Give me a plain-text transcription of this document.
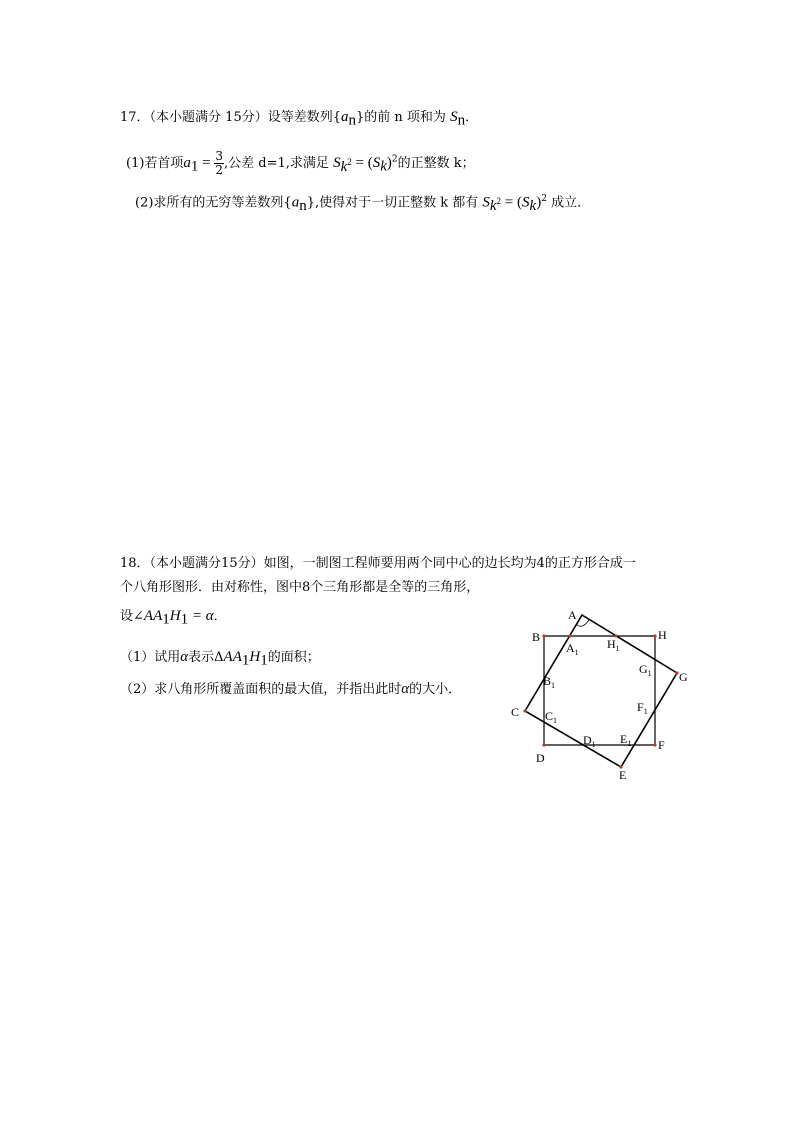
17．（本小题满分 15分）设等差数列$\{a_n\}$的前 n 项和为 $S_n$．
(1)若首项$a_1 = \frac{3}{2}$ ,公差 d=1,求满足 $S_{k^2} = (S_k)^2$的正整数 k；
(2)求所有的无穷等差数列$\{a_n\}$,使得对于一切正整数 k 都有 $S_{k^2} = (S_k)^2$ 成立．
18．（本小题满分15分）如图，一制图工程师要用两个同中心的边长均为4的正方形合成一
个八角形图形．由对称性，图中8个三角形都是全等的三角形，
设$\angle AA_1H_1 = \alpha$．
（1）试用α表示$\Delta AA_1H_1$的面积；
（2）求八角形所覆盖面积的最大值，并指出此时α的大小．
A
B
C
D
E
F
G
H
$A_1$
$H_1$
$G_1$
$F_1$
$E_1$
$D_1$
$C_1$
$B_1$
